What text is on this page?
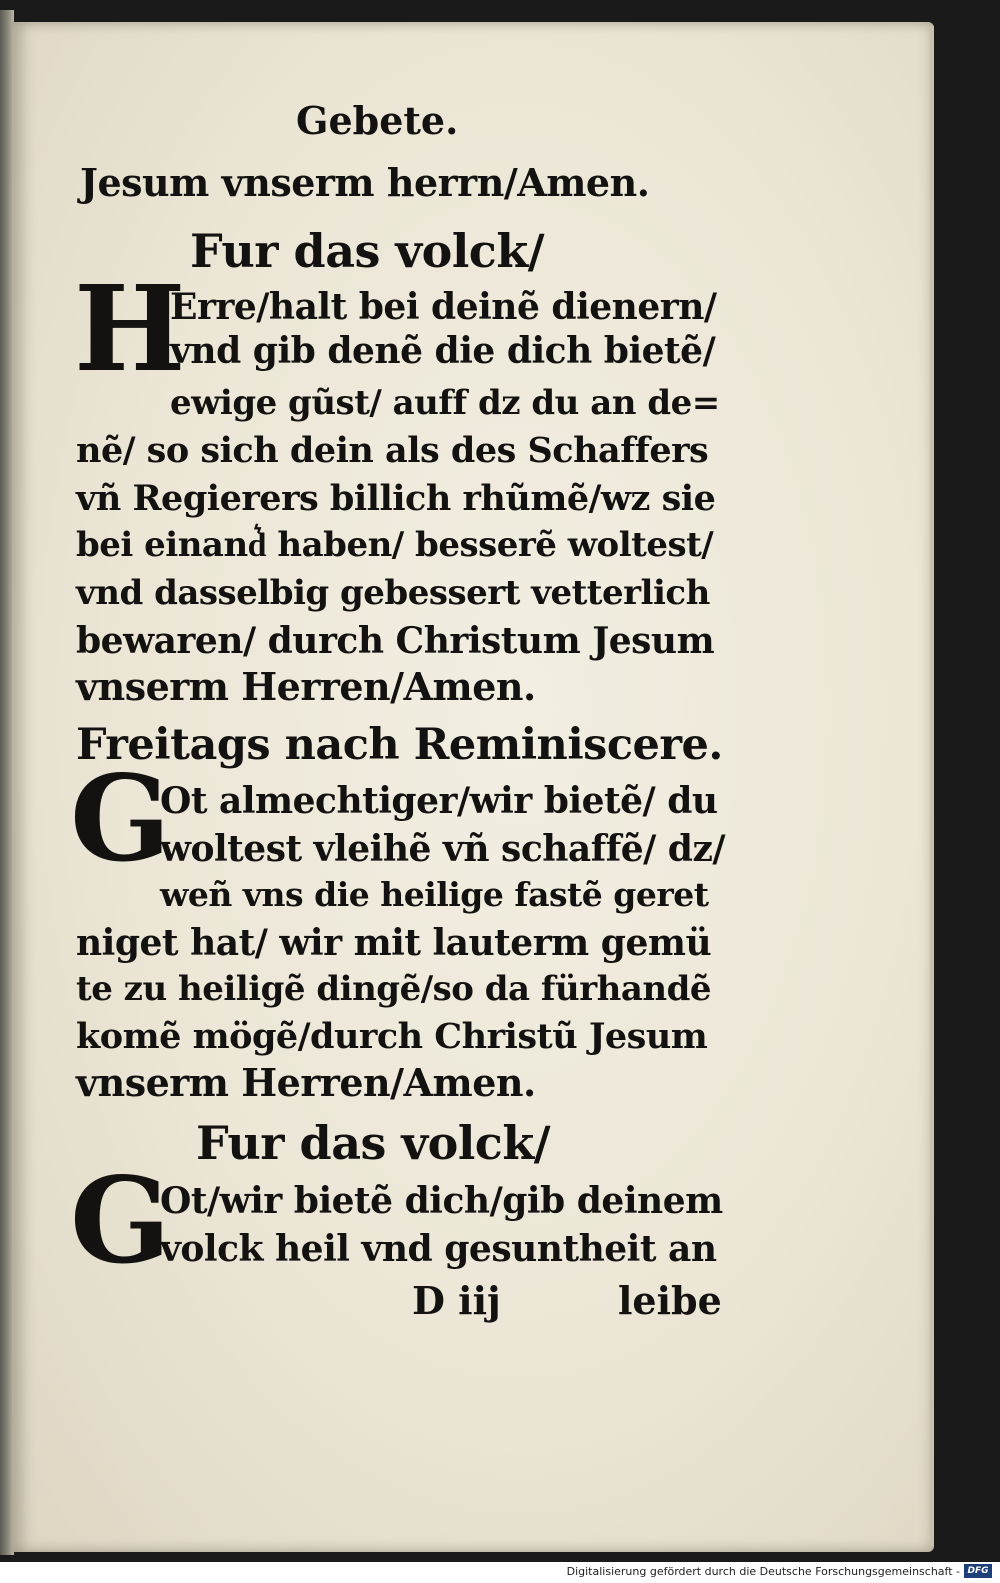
Gebete.
Jesum vnserm herrn/Amen.
Fur das volck/
H
Erre/halt bei deinẽ dienern/
vnd gib denẽ die dich bietẽ/
ewige gũst/ auff dz du an de=
nẽ/ so sich dein als des Schaffers
vñ Regierers billich rhũmẽ/wz sie
bei einand͛ haben/ besserẽ woltest/
vnd dasselbig gebessert vetterlich
bewaren/ durch Christum Jesum
vnserm Herren/Amen.
Freitags nach Reminiscere.
G
Ot almechtiger/wir bietẽ/ du
woltest vleihẽ vñ schaffẽ/ dz/
weñ vns die heilige fastẽ geret
niget hat/ wir mit lauterm gemü
te zu heiligẽ dingẽ/so da fürhandẽ
komẽ mögẽ/durch Christũ Jesum
vnserm Herren/Amen.
Fur das volck/
G
Ot/wir bietẽ dich/gib deinem
volck heil vnd gesuntheit an
D iij	leibe
Digitalisierung gefördert durch die Deutsche Forschungsgemeinschaft - DFG
